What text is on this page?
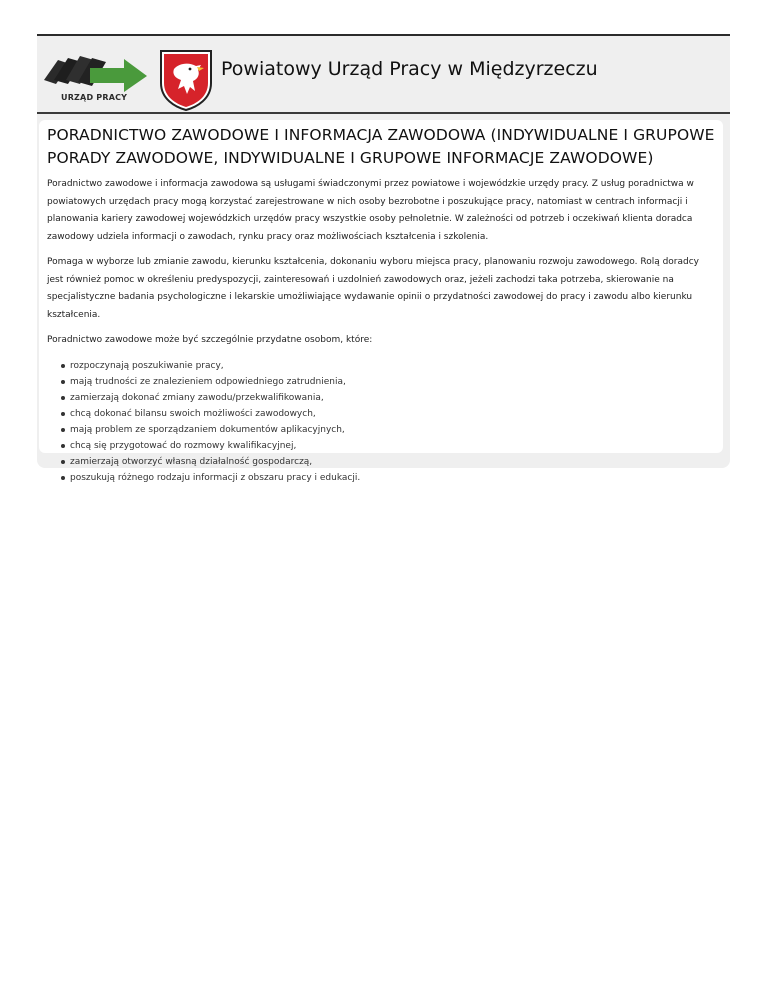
URZĄD PRACY
Powiatowy Urząd Pracy w Międzyrzeczu
PORADNICTWO ZAWODOWE I INFORMACJA ZAWODOWA (INDYWIDUALNE I GRUPOWE PORADY ZAWODOWE, INDYWIDUALNE I GRUPOWE INFORMACJE ZAWODOWE)

Poradnictwo zawodowe i informacja zawodowa są usługami świadczonymi przez powiatowe i wojewódzkie urzędy pracy. Z usług poradnictwa w powiatowych urzędach pracy mogą korzystać zarejestrowane w nich osoby bezrobotne i poszukujące pracy, natomiast w centrach informacji i planowania kariery zawodowej wojewódzkich urzędów pracy wszystkie osoby pełnoletnie. W zależności od potrzeb i oczekiwań klienta doradca zawodowy udziela informacji o zawodach, rynku pracy oraz możliwościach kształcenia i szkolenia.

Pomaga w wyborze lub zmianie zawodu, kierunku kształcenia, dokonaniu wyboru miejsca pracy, planowaniu rozwoju zawodowego. Rolą doradcy jest również pomoc w określeniu predyspozycji, zainteresowań i uzdolnień zawodowych oraz, jeżeli zachodzi taka potrzeba, skierowanie na specjalistyczne badania psychologiczne i lekarskie umożliwiające wydawanie opinii o przydatności zawodowej do pracy i zawodu albo kierunku kształcenia.

Poradnictwo zawodowe może być szczególnie przydatne osobom, które:

rozpoczynają poszukiwanie pracy,
mają trudności ze znalezieniem odpowiedniego zatrudnienia,
zamierzają dokonać zmiany zawodu/przekwalifikowania,
chcą dokonać bilansu swoich możliwości zawodowych,
mają problem ze sporządzaniem dokumentów aplikacyjnych,
chcą się przygotować do rozmowy kwalifikacyjnej,
zamierzają otworzyć własną działalność gospodarczą,
poszukują różnego rodzaju informacji z obszaru pracy i edukacji.
